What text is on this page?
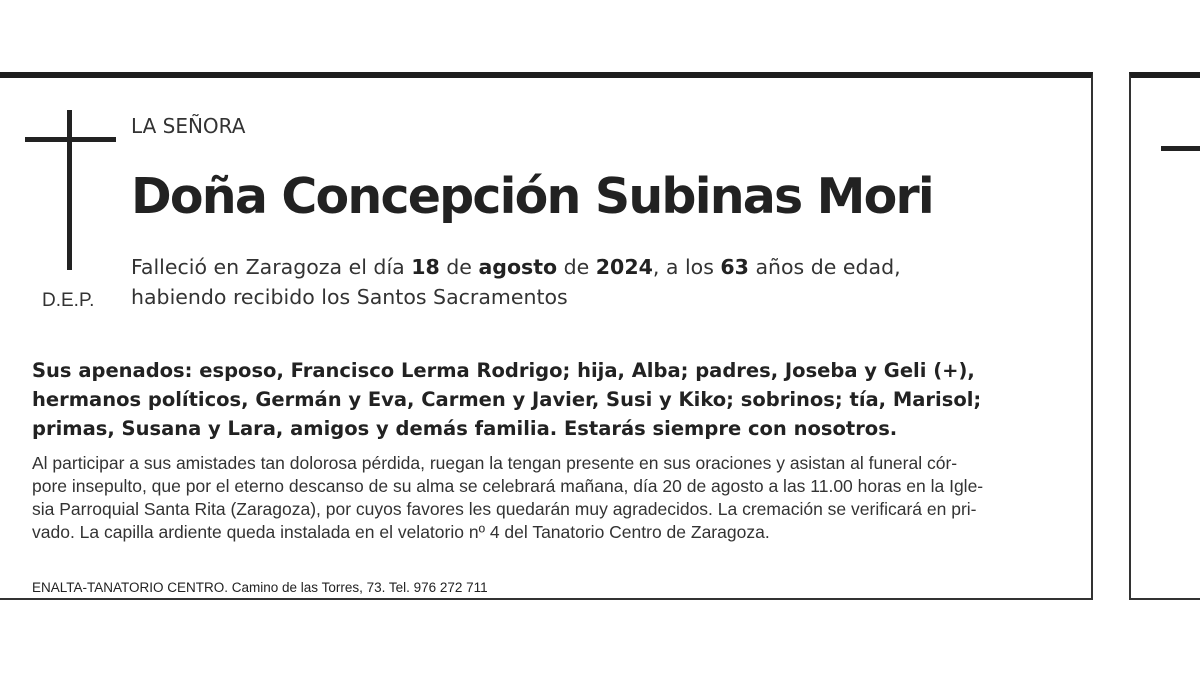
D.E.P.
LA SEÑORA
Doña Concepción Subinas Mori
Falleció en Zaragoza el día 18 de agosto de 2024, a los 63 años de edad,
habiendo recibido los Santos Sacramentos
Sus apenados: esposo, Francisco Lerma Rodrigo; hija, Alba; padres, Joseba y Geli (+),
hermanos políticos, Germán y Eva, Carmen y Javier, Susi y Kiko; sobrinos; tía, Marisol;
primas, Susana y Lara, amigos y demás familia. Estarás siempre con nosotros.
Al participar a sus amistades tan dolorosa pérdida, ruegan la tengan presente en sus oraciones y asistan al funeral cór-
pore insepulto, que por el eterno descanso de su alma se celebrará mañana, día 20 de agosto a las 11.00 horas en la Igle-
sia Parroquial Santa Rita (Zaragoza), por cuyos favores les quedarán muy agradecidos. La cremación se verificará en pri-
vado. La capilla ardiente queda instalada en el velatorio nº 4 del Tanatorio Centro de Zaragoza.
ENALTA-TANATORIO CENTRO. Camino de las Torres, 73. Tel. 976 272 711
